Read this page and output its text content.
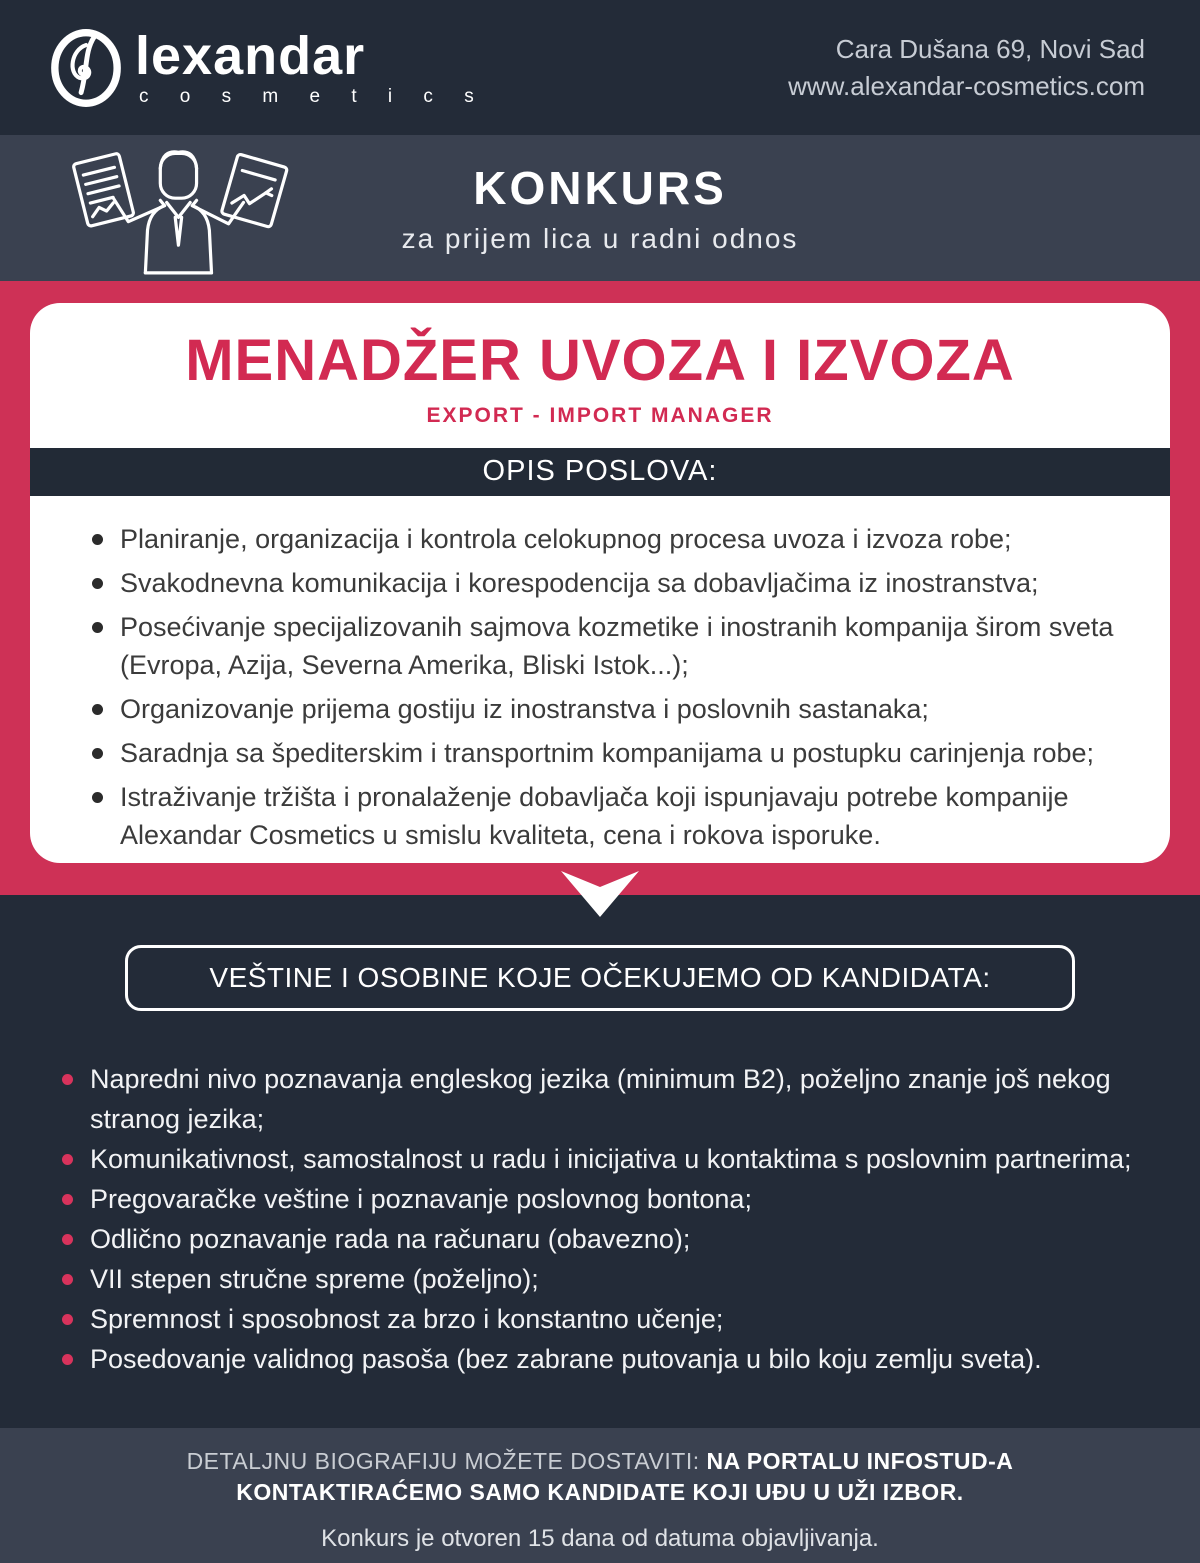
lexandar
c o s m e t i c s
Cara Dušana 69, Novi Sad
www.alexandar-cosmetics.com
KONKURS
za prijem lica u radni odnos
MENADŽER UVOZA I IZVOZA
EXPORT - IMPORT MANAGER
OPIS POSLOVA:
Planiranje, organizacija i kontrola celokupnog procesa uvoza i izvoza robe;
Svakodnevna komunikacija i korespodencija sa dobavljačima iz inostranstva;
Posećivanje specijalizovanih sajmova kozmetike i inostranih kompanija širom sveta (Evropa, Azija, Severna Amerika, Bliski Istok...);
Organizovanje prijema gostiju iz inostranstva i poslovnih sastanaka;
Saradnja sa špediterskim i transportnim kompanijama u postupku carinjenja robe;
Istraživanje tržišta i pronalaženje dobavljača koji ispunjavaju potrebe kompanije Alexandar Cosmetics u smislu kvaliteta, cena i rokova isporuke.
VEŠTINE I OSOBINE KOJE OČEKUJEMO OD KANDIDATA:
Napredni nivo poznavanja engleskog jezika (minimum B2), poželjno znanje još nekog stranog jezika;
Komunikativnost, samostalnost u radu i inicijativa u kontaktima s poslovnim partnerima;
Pregovaračke veštine i poznavanje poslovnog bontona;
Odlično poznavanje rada na računaru (obavezno);
VII stepen stručne spreme (poželjno);
Spremnost i sposobnost za brzo i konstantno učenje;
Posedovanje validnog pasoša (bez zabrane putovanja u bilo koju zemlju sveta).
DETALJNU BIOGRAFIJU MOŽETE DOSTAVITI: NA PORTALU INFOSTUD-A
KONTAKTIRAĆEMO SAMO KANDIDATE KOJI UĐU U UŽI IZBOR.
Konkurs je otvoren 15 dana od datuma objavljivanja.
